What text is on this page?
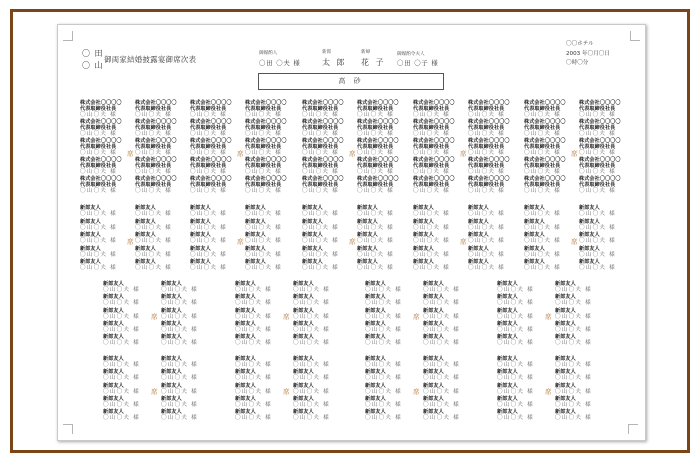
〇 田
〇 山
御両家結婚披露宴御席次表
御媒酌人
〇田 〇夫 様
新郎
太 郎
新婦
花 子
御媒酌令夫人
〇田 〇子 様
高 砂
〇〇ホテル
2003 年〇月〇日
〇時〇分
株式会社〇〇〇〇
代表取締役社長
〇山〇夫 様
株式会社〇〇〇〇
代表取締役社長
〇山〇夫 様
株式会社〇〇〇〇
代表取締役社長
〇山〇夫 様
株式会社〇〇〇〇
代表取締役社長
〇山〇夫 様
株式会社〇〇〇〇
代表取締役社長
〇山〇夫 様
株式会社〇〇〇〇
代表取締役社長
〇山〇夫 様
株式会社〇〇〇〇
代表取締役社長
〇山〇夫 様
株式会社〇〇〇〇
代表取締役社長
〇山〇夫 様
株式会社〇〇〇〇
代表取締役社長
〇山〇夫 様
株式会社〇〇〇〇
代表取締役社長
〇山〇夫 様
席
株式会社〇〇〇〇
代表取締役社長
〇山〇夫 様
株式会社〇〇〇〇
代表取締役社長
〇山〇夫 様
株式会社〇〇〇〇
代表取締役社長
〇山〇夫 様
株式会社〇〇〇〇
代表取締役社長
〇山〇夫 様
株式会社〇〇〇〇
代表取締役社長
〇山〇夫 様
株式会社〇〇〇〇
代表取締役社長
〇山〇夫 様
株式会社〇〇〇〇
代表取締役社長
〇山〇夫 様
株式会社〇〇〇〇
代表取締役社長
〇山〇夫 様
株式会社〇〇〇〇
代表取締役社長
〇山〇夫 様
株式会社〇〇〇〇
代表取締役社長
〇山〇夫 様
席
株式会社〇〇〇〇
代表取締役社長
〇山〇夫 様
株式会社〇〇〇〇
代表取締役社長
〇山〇夫 様
株式会社〇〇〇〇
代表取締役社長
〇山〇夫 様
株式会社〇〇〇〇
代表取締役社長
〇山〇夫 様
株式会社〇〇〇〇
代表取締役社長
〇山〇夫 様
株式会社〇〇〇〇
代表取締役社長
〇山〇夫 様
株式会社〇〇〇〇
代表取締役社長
〇山〇夫 様
株式会社〇〇〇〇
代表取締役社長
〇山〇夫 様
株式会社〇〇〇〇
代表取締役社長
〇山〇夫 様
株式会社〇〇〇〇
代表取締役社長
〇山〇夫 様
席
株式会社〇〇〇〇
代表取締役社長
〇山〇夫 様
株式会社〇〇〇〇
代表取締役社長
〇山〇夫 様
株式会社〇〇〇〇
代表取締役社長
〇山〇夫 様
株式会社〇〇〇〇
代表取締役社長
〇山〇夫 様
株式会社〇〇〇〇
代表取締役社長
〇山〇夫 様
株式会社〇〇〇〇
代表取締役社長
〇山〇夫 様
株式会社〇〇〇〇
代表取締役社長
〇山〇夫 様
株式会社〇〇〇〇
代表取締役社長
〇山〇夫 様
株式会社〇〇〇〇
代表取締役社長
〇山〇夫 様
株式会社〇〇〇〇
代表取締役社長
〇山〇夫 様
席
株式会社〇〇〇〇
代表取締役社長
〇山〇夫 様
株式会社〇〇〇〇
代表取締役社長
〇山〇夫 様
株式会社〇〇〇〇
代表取締役社長
〇山〇夫 様
株式会社〇〇〇〇
代表取締役社長
〇山〇夫 様
株式会社〇〇〇〇
代表取締役社長
〇山〇夫 様
株式会社〇〇〇〇
代表取締役社長
〇山〇夫 様
株式会社〇〇〇〇
代表取締役社長
〇山〇夫 様
株式会社〇〇〇〇
代表取締役社長
〇山〇夫 様
株式会社〇〇〇〇
代表取締役社長
〇山〇夫 様
株式会社〇〇〇〇
代表取締役社長
〇山〇夫 様
席
新郎友人
〇山〇夫 様
新郎友人
〇山〇夫 様
新郎友人
〇山〇夫 様
新郎友人
〇山〇夫 様
新郎友人
〇山〇夫 様
新郎友人
〇山〇夫 様
新郎友人
〇山〇夫 様
新郎友人
〇山〇夫 様
新郎友人
〇山〇夫 様
新郎友人
〇山〇夫 様
席
新郎友人
〇山〇夫 様
新郎友人
〇山〇夫 様
新郎友人
〇山〇夫 様
新郎友人
〇山〇夫 様
新郎友人
〇山〇夫 様
新郎友人
〇山〇夫 様
新郎友人
〇山〇夫 様
新郎友人
〇山〇夫 様
新郎友人
〇山〇夫 様
新郎友人
〇山〇夫 様
席
新郎友人
〇山〇夫 様
新郎友人
〇山〇夫 様
新郎友人
〇山〇夫 様
新郎友人
〇山〇夫 様
新郎友人
〇山〇夫 様
新郎友人
〇山〇夫 様
新郎友人
〇山〇夫 様
新郎友人
〇山〇夫 様
新郎友人
〇山〇夫 様
新郎友人
〇山〇夫 様
席
新郎友人
〇山〇夫 様
新郎友人
〇山〇夫 様
新郎友人
〇山〇夫 様
新郎友人
〇山〇夫 様
新郎友人
〇山〇夫 様
新郎友人
〇山〇夫 様
新郎友人
〇山〇夫 様
新郎友人
〇山〇夫 様
新郎友人
〇山〇夫 様
新郎友人
〇山〇夫 様
席
新郎友人
〇山〇夫 様
新郎友人
〇山〇夫 様
新郎友人
〇山〇夫 様
新郎友人
〇山〇夫 様
新郎友人
〇山〇夫 様
新郎友人
〇山〇夫 様
新郎友人
〇山〇夫 様
新郎友人
〇山〇夫 様
新郎友人
〇山〇夫 様
新郎友人
〇山〇夫 様
席
新郎友人
〇山〇夫 様
新郎友人
〇山〇夫 様
新郎友人
〇山〇夫 様
新郎友人
〇山〇夫 様
新郎友人
〇山〇夫 様
新郎友人
〇山〇夫 様
新郎友人
〇山〇夫 様
新郎友人
〇山〇夫 様
新郎友人
〇山〇夫 様
新郎友人
〇山〇夫 様
席
新郎友人
〇山〇夫 様
新郎友人
〇山〇夫 様
新郎友人
〇山〇夫 様
新郎友人
〇山〇夫 様
新郎友人
〇山〇夫 様
新郎友人
〇山〇夫 様
新郎友人
〇山〇夫 様
新郎友人
〇山〇夫 様
新郎友人
〇山〇夫 様
新郎友人
〇山〇夫 様
席
新郎友人
〇山〇夫 様
新郎友人
〇山〇夫 様
新郎友人
〇山〇夫 様
新郎友人
〇山〇夫 様
新郎友人
〇山〇夫 様
新郎友人
〇山〇夫 様
新郎友人
〇山〇夫 様
新郎友人
〇山〇夫 様
新郎友人
〇山〇夫 様
新郎友人
〇山〇夫 様
席
新郎友人
〇山〇夫 様
新郎友人
〇山〇夫 様
新郎友人
〇山〇夫 様
新郎友人
〇山〇夫 様
新郎友人
〇山〇夫 様
新郎友人
〇山〇夫 様
新郎友人
〇山〇夫 様
新郎友人
〇山〇夫 様
新郎友人
〇山〇夫 様
新郎友人
〇山〇夫 様
席
新郎友人
〇山〇夫 様
新郎友人
〇山〇夫 様
新郎友人
〇山〇夫 様
新郎友人
〇山〇夫 様
新郎友人
〇山〇夫 様
新郎友人
〇山〇夫 様
新郎友人
〇山〇夫 様
新郎友人
〇山〇夫 様
新郎友人
〇山〇夫 様
新郎友人
〇山〇夫 様
席
新郎友人
〇山〇夫 様
新郎友人
〇山〇夫 様
新郎友人
〇山〇夫 様
新郎友人
〇山〇夫 様
新郎友人
〇山〇夫 様
新郎友人
〇山〇夫 様
新郎友人
〇山〇夫 様
新郎友人
〇山〇夫 様
新郎友人
〇山〇夫 様
新郎友人
〇山〇夫 様
席
新郎友人
〇山〇夫 様
新郎友人
〇山〇夫 様
新郎友人
〇山〇夫 様
新郎友人
〇山〇夫 様
新郎友人
〇山〇夫 様
新郎友人
〇山〇夫 様
新郎友人
〇山〇夫 様
新郎友人
〇山〇夫 様
新郎友人
〇山〇夫 様
新郎友人
〇山〇夫 様
席
新郎友人
〇山〇夫 様
新郎友人
〇山〇夫 様
新郎友人
〇山〇夫 様
新郎友人
〇山〇夫 様
新郎友人
〇山〇夫 様
新郎友人
〇山〇夫 様
新郎友人
〇山〇夫 様
新郎友人
〇山〇夫 様
新郎友人
〇山〇夫 様
新郎友人
〇山〇夫 様
席
